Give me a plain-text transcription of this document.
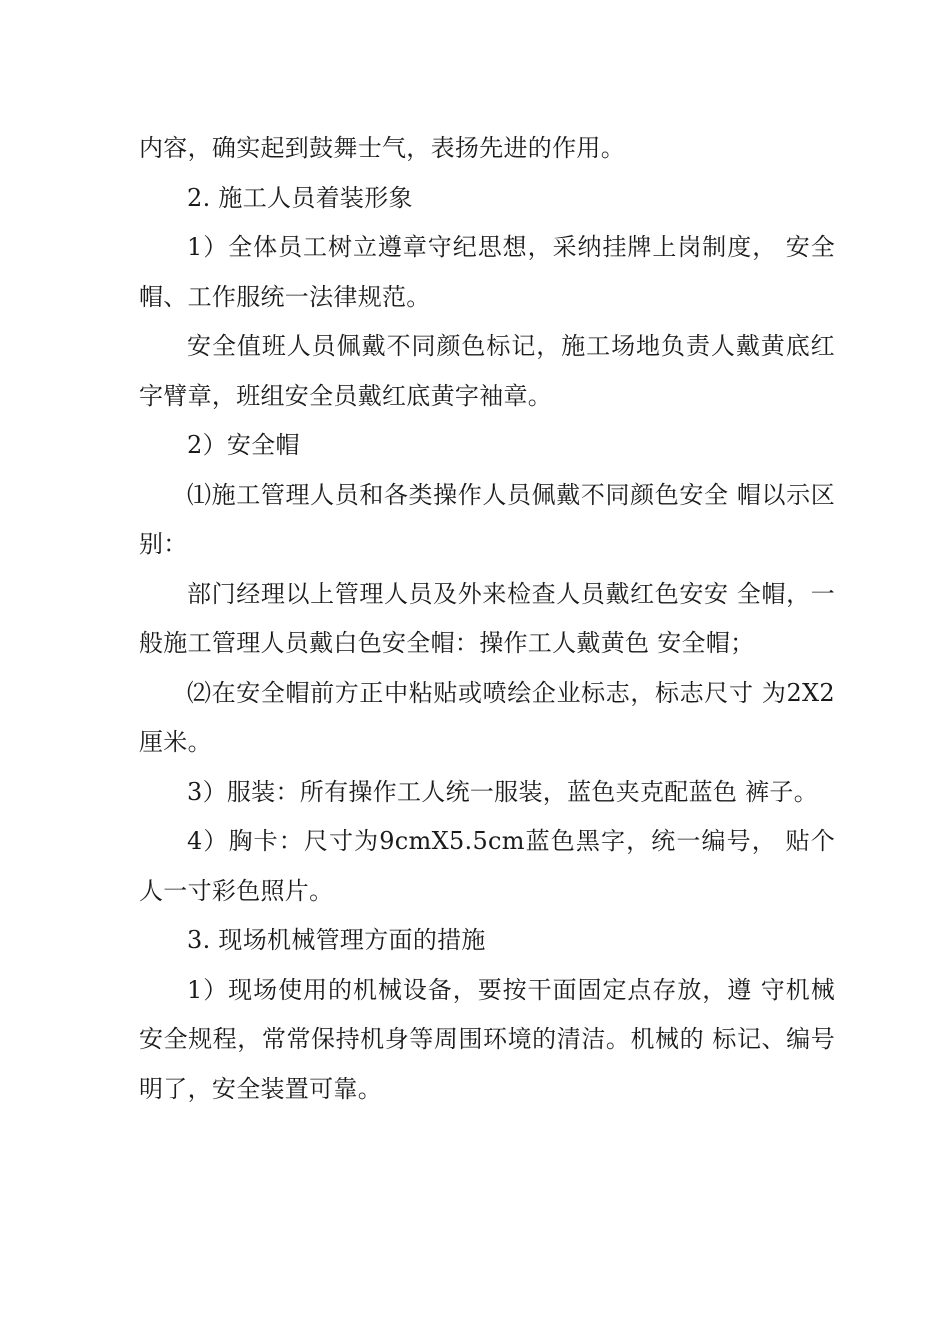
内容，确实起到鼓舞士气，表扬先进的作用。

2. 施工人员着装形象

1）全体员工树立遵章守纪思想，采纳挂牌上岗制度， 安全帽、工作服统一法律规范。

安全值班人员佩戴不同颜色标记，施工场地负责人戴黄底红字臂章，班组安全员戴红底黄字袖章。

2）安全帽

⑴施工管理人员和各类操作人员佩戴不同颜色安全 帽以示区别：

部门经理以上管理人员及外来检查人员戴红色安安 全帽，一般施工管理人员戴白色安全帽：操作工人戴黄色 安全帽；

⑵在安全帽前方正中粘贴或喷绘企业标志，标志尺寸 为2X2厘米。

3）服装：所有操作工人统一服装，蓝色夹克配蓝色 裤子。

4）胸卡：尺寸为9cmX5.5cm蓝色黑字，统一编号， 贴个人一寸彩色照片。

3. 现场机械管理方面的措施

1）现场使用的机械设备，要按干面固定点存放，遵 守机械安全规程，常常保持机身等周围环境的清洁。机械的 标记、编号明了，安全装置可靠。
